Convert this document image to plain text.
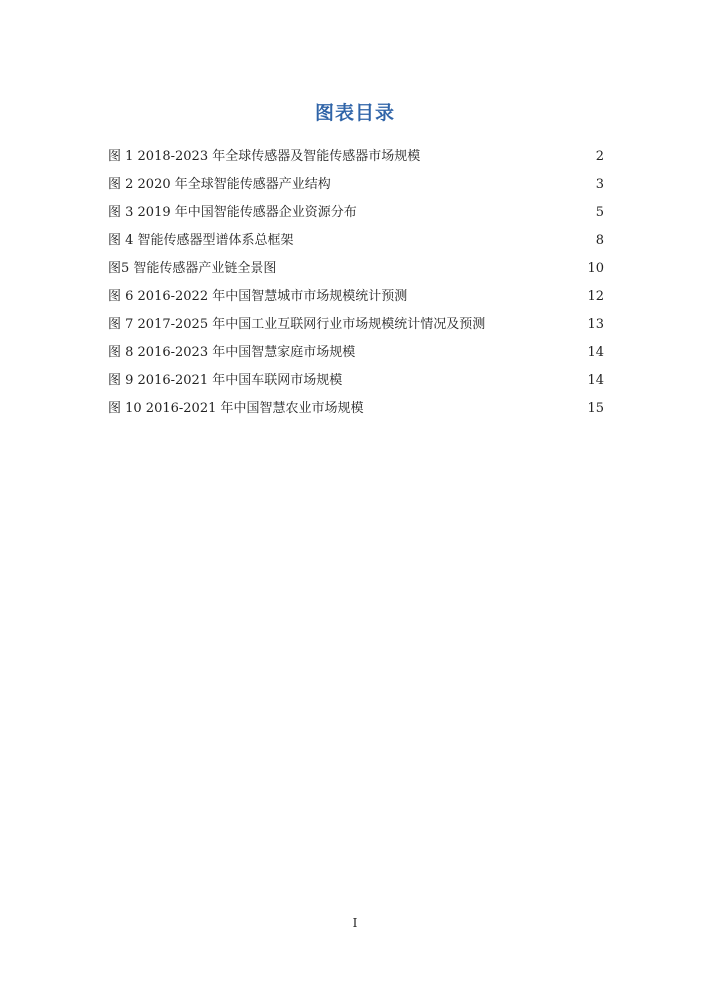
图表目录
图 1 2018-2023 年全球传感器及智能传感器市场规模	2
图 2 2020 年全球智能传感器产业结构	3
图 3 2019 年中国智能传感器企业资源分布	5
图 4 智能传感器型谱体系总框架	8
图5 智能传感器产业链全景图	10
图 6 2016-2022 年中国智慧城市市场规模统计预测	12
图 7 2017-2025 年中国工业互联网行业市场规模统计情况及预测	13
图 8 2016-2023 年中国智慧家庭市场规模	14
图 9 2016-2021 年中国车联网市场规模	14
图 10 2016-2021 年中国智慧农业市场规模	15
I
